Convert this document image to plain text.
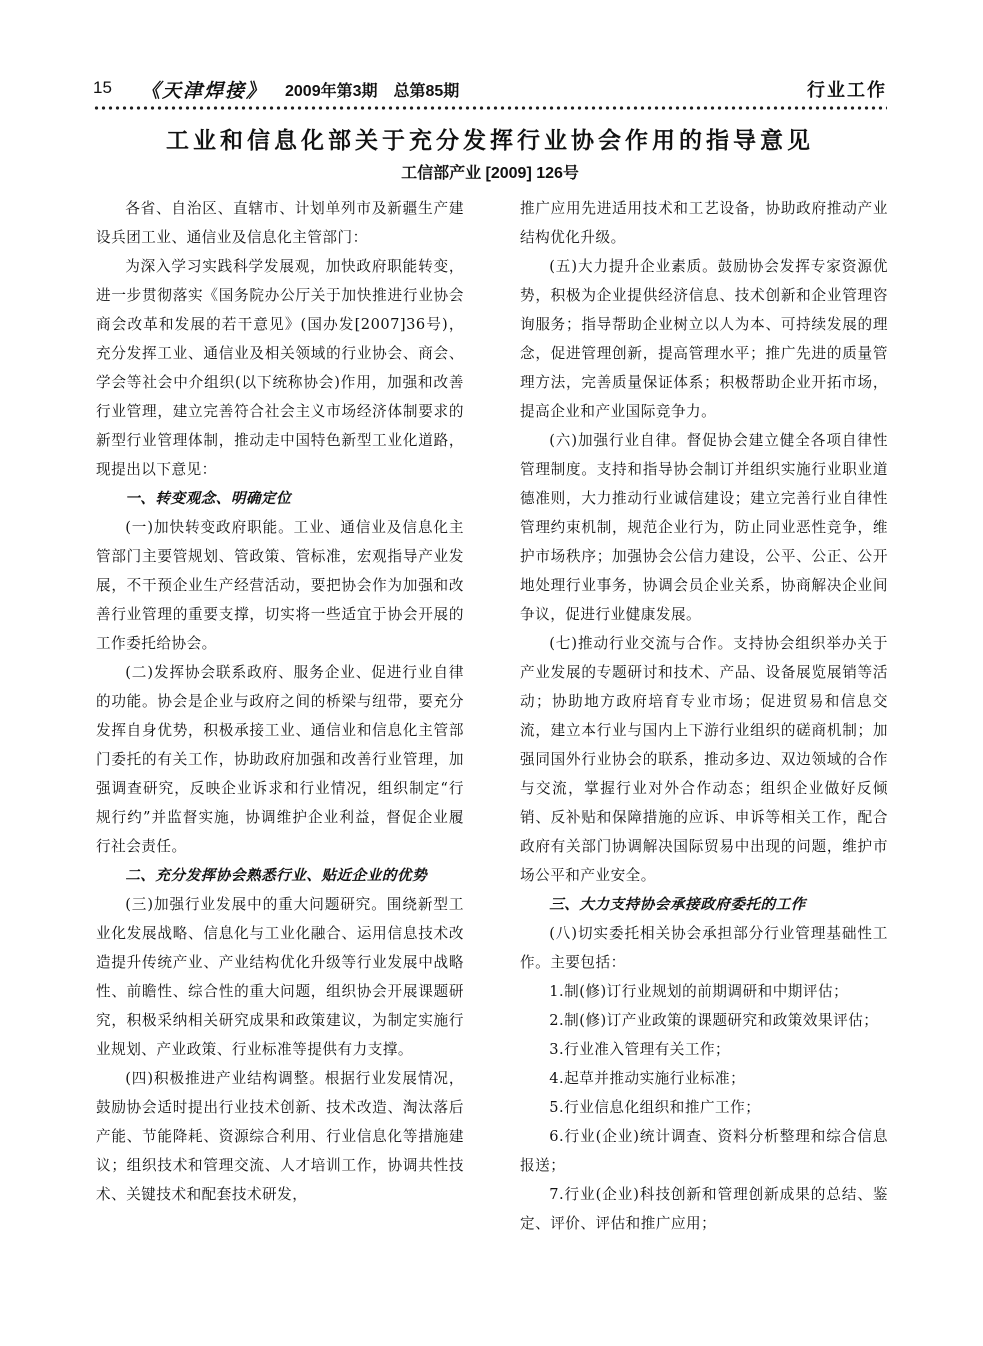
15 《天津焊接》 2009年第3期　总第85期	行业工作
工业和信息化部关于充分发挥行业协会作用的指导意见
工信部产业 [2009] 126号

各省、自治区、直辖市、计划单列市及新疆生产建设兵团工业、通信业及信息化主管部门：

为深入学习实践科学发展观，加快政府职能转变，进一步贯彻落实《国务院办公厅关于加快推进行业协会商会改革和发展的若干意见》(国办发[2007]36号)，充分发挥工业、通信业及相关领域的行业协会、商会、学会等社会中介组织(以下统称协会)作用，加强和改善行业管理，建立完善符合社会主义市场经济体制要求的新型行业管理体制，推动走中国特色新型工业化道路，现提出以下意见：

一、转变观念、明确定位

(一)加快转变政府职能。工业、通信业及信息化主管部门主要管规划、管政策、管标准，宏观指导产业发展，不干预企业生产经营活动，要把协会作为加强和改善行业管理的重要支撑，切实将一些适宜于协会开展的工作委托给协会。

(二)发挥协会联系政府、服务企业、促进行业自律的功能。协会是企业与政府之间的桥梁与纽带，要充分发挥自身优势，积极承接工业、通信业和信息化主管部门委托的有关工作，协助政府加强和改善行业管理，加强调查研究，反映企业诉求和行业情况，组织制定“行规行约”并监督实施，协调维护企业利益，督促企业履行社会责任。

二、充分发挥协会熟悉行业、贴近企业的优势

(三)加强行业发展中的重大问题研究。围绕新型工业化发展战略、信息化与工业化融合、运用信息技术改造提升传统产业、产业结构优化升级等行业发展中战略性、前瞻性、综合性的重大问题，组织协会开展课题研究，积极采纳相关研究成果和政策建议，为制定实施行业规划、产业政策、行业标准等提供有力支撑。

(四)积极推进产业结构调整。根据行业发展情况，鼓励协会适时提出行业技术创新、技术改造、淘汰落后产能、节能降耗、资源综合利用、行业信息化等措施建议；组织技术和管理交流、人才培训工作，协调共性技术、关键技术和配套技术研发，

推广应用先进适用技术和工艺设备，协助政府推动产业结构优化升级。

(五)大力提升企业素质。鼓励协会发挥专家资源优势，积极为企业提供经济信息、技术创新和企业管理咨询服务；指导帮助企业树立以人为本、可持续发展的理念，促进管理创新，提高管理水平；推广先进的质量管理方法，完善质量保证体系；积极帮助企业开拓市场，提高企业和产业国际竞争力。

(六)加强行业自律。督促协会建立健全各项自律性管理制度。支持和指导协会制订并组织实施行业职业道德准则，大力推动行业诚信建设；建立完善行业自律性管理约束机制，规范企业行为，防止同业恶性竞争，维护市场秩序；加强协会公信力建设，公平、公正、公开地处理行业事务，协调会员企业关系，协商解决企业间争议，促进行业健康发展。

(七)推动行业交流与合作。支持协会组织举办关于产业发展的专题研讨和技术、产品、设备展览展销等活动；协助地方政府培育专业市场；促进贸易和信息交流，建立本行业与国内上下游行业组织的磋商机制；加强同国外行业协会的联系，推动多边、双边领域的合作与交流，掌握行业对外合作动态；组织企业做好反倾销、反补贴和保障措施的应诉、申诉等相关工作，配合政府有关部门协调解决国际贸易中出现的问题，维护市场公平和产业安全。

三、大力支持协会承接政府委托的工作

(八)切实委托相关协会承担部分行业管理基础性工作。主要包括：

1.制(修)订行业规划的前期调研和中期评估；

2.制(修)订产业政策的课题研究和政策效果评估；

3.行业准入管理有关工作；

4.起草并推动实施行业标准；

5.行业信息化组织和推广工作；

6.行业(企业)统计调查、资料分析整理和综合信息报送；

7.行业(企业)科技创新和管理创新成果的总结、鉴定、评价、评估和推广应用；
